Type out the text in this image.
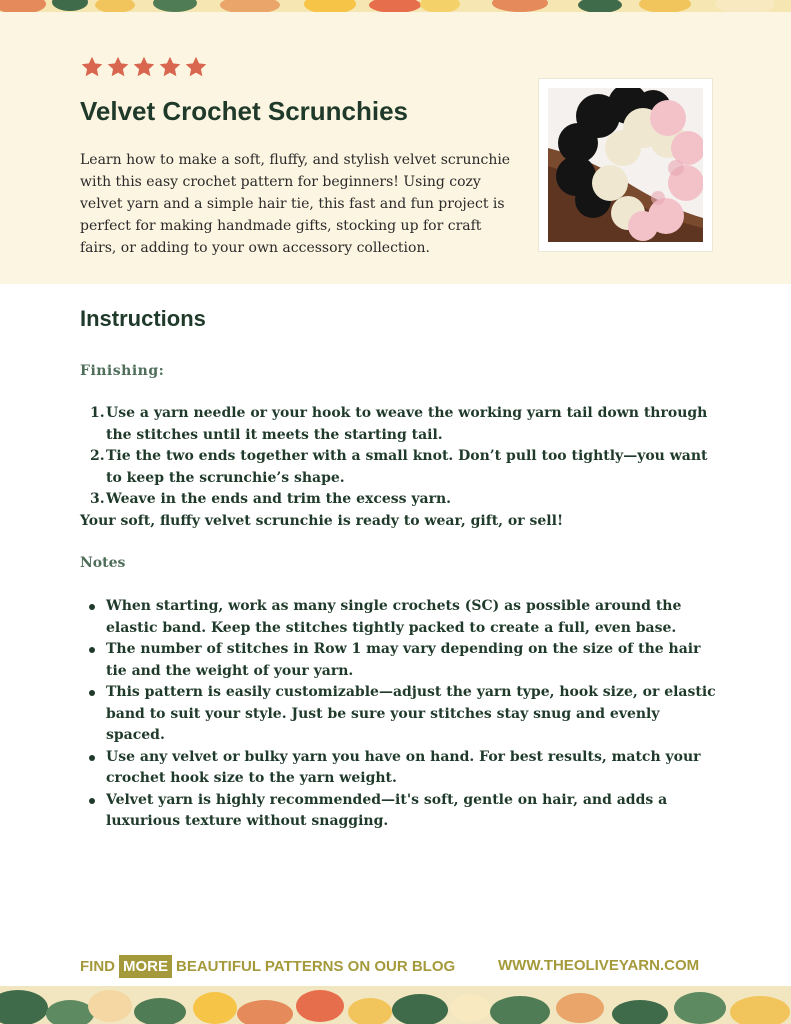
Velvet Crochet Scrunchies

Learn how to make a soft, fluffy, and stylish velvet scrunchie with this easy crochet pattern for beginners! Using cozy velvet yarn and a simple hair tie, this fast and fun project is perfect for making handmade gifts, stocking up for craft fairs, or adding to your own accessory collection.

Instructions
Finishing:
1. Use a yarn needle or your hook to weave the working yarn tail down through the stitches until it meets the starting tail.
2. Tie the two ends together with a small knot. Don’t pull too tightly—you want to keep the scrunchie’s shape.
3. Weave in the ends and trim the excess yarn.

Your soft, fluffy velvet scrunchie is ready to wear, gift, or sell!

Notes
When starting, work as many single crochets (SC) as possible around the elastic band. Keep the stitches tightly packed to create a full, even base.
The number of stitches in Row 1 may vary depending on the size of the hair tie and the weight of your yarn.
This pattern is easily customizable—adjust the yarn type, hook size, or elastic band to suit your style. Just be sure your stitches stay snug and evenly spaced.
Use any velvet or bulky yarn you have on hand. For best results, match your crochet hook size to the yarn weight.
Velvet yarn is highly recommended—it's soft, gentle on hair, and adds a luxurious texture without snagging.
FIND MORE BEAUTIFUL PATTERNS ON OUR BLOG	WWW.THEOLIVEYARN.COM
